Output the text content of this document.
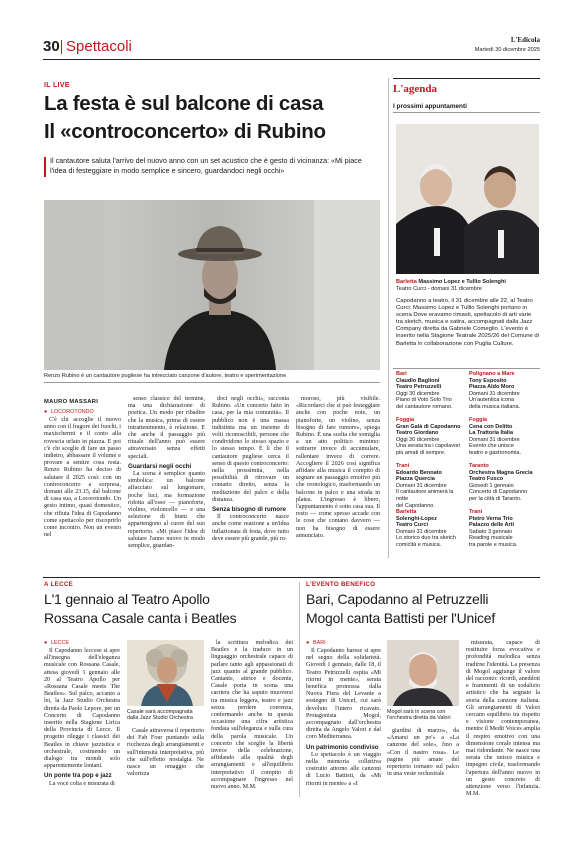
30 Spettacoli	L'Edicola
Martedì 30 dicembre 2025
IL LIVE
La festa è sul balcone di casa
Il «controconcerto» di Rubino
Il cantautore saluta l'arrivo del nuovo anno con un set acustico che è gesto di vicinanza: «Mi piace l'idea di festeggiare in modo semplice e sincero, guardandoci negli occhi»
Renzo Rubino è un cantautore pugliese ha intrecciato canzone d'autore, teatro e sperimentazione
MAURO MASSARI
● LOCOROTONDO

C'è chi accoglie il nuovo anno con il fragore dei fuochi, i maxischermi e il conto alla rovescia urlato in piazza. E poi c'è chi sceglie di fare un passo indietro, abbassare il volume e provare a sentire cosa resta. Renzo Rubino ha deciso di salutare il 2025 così: con un controconcerto a sorpresa, domani alle 23.15, dal balcone di casa sua, a Locorotondo. Un gesto intimo, quasi domestico, che rifiuta l'idea di Capodanno come spettacolo per riscoprirlo come incontro. Non un evento nel

senso classico del termine, ma una dichiarazione di poetica. Un modo per ribadire che la musica, prima di essere intrattenimento, è relazione. E che anche il passaggio più rituale dell'anno può essere attraversato senza effetti speciali.

Guardarsi negli occhi

La scena è semplice quanto simbolica: un balcone affacciato sul lungomare, poche luci, ma formazione ridotta all'osso — pianoforte, violino, violoncello — e una selezione di brani che appartengono al cuore del suo repertorio. «Mi piace l'idea di salutare l'anno nuovo in modo semplice, guardan-

doci negli occhi», racconta Rubino. «Un concerto fatto in casa, per la mia comunità». Il pubblico non è una massa indistinta ma un insieme di volti riconoscibili, persone che condividono lo stesso spazio e lo stesso tempo. È lì che il cantautore pugliese cerca il senso di questo controconcerto: nella prossimità, nella possibilità di ritrovare un contatto diretto, senza la mediazione del palco e della distanza.

Senza bisogno di rumore

Il controconcerto nasce anche come reazione a un'idea inflazionata di festa, dove tutto deve essere più grande, più ru-

moroso, più visibile. «Ricordarci che si può festeggiare anche con poche note, un pianoforte, un violino, senza bisogno di fare rumore», spiega Rubino. È una scelta che somiglia a un atto politico minimo: sottrarre invece di accumulare, rallentare invece di correre. Accogliere il 2026 così significa affidare alla musica il compito di segnare un passaggio emotivo più che cronologico, trasformando un balcone in palco e una strada in platea. L'ingresso è libero, l'appuntamento è sotto casa sua. Il resto — come spesso accade con le cose che contano davvero — non ha bisogno di essere annunciato.

L'agenda
I prossimi appuntamenti
Barletta Massimo Lopez e Tullio Solenghi
Teatro Curci - domani 31 dicembre
Capodanno a teatro, il 31 dicembre alle 22, al Teatro Curci: Massimo Lopez e Tullio Solenghi portano in scena Dove eravamo rimasti, spettacolo di arti varie tra sketch, musica e satira, accompagnati dalla Jazz Company diretta da Gabriele Comeglio. L'evento è inserito nella Stagione Teatrale 2025/26 del Comune di Barletta in collaborazione con Puglia Culture.
Bari
Claudio Baglioni
Teatro Petruzzelli
Oggi 30 dicembre
Piano di Voto Solo Trio
del cantautore romano.
Polignano a Mare
Tony Esposito
Piazza Aldo Moro
Domani 31 dicembre
Un'autentica icona
della musica italiana.
Foggia
Gran Galà di Capodanno
Teatro Giordano
Oggi 30 dicembre
Una serata tra i capolavori
più amati di sempre.
Foggia
Cena con Delitto
La Trattoria Italia
Domani 31 dicembre
Evento che unisce
teatro e gastronomia.
Trani
Edoardo Bennato
Piazza Quercia
Domani 31 dicembre
Il cantautore animerà la notte
del Capodanno.
Taranto
Orchestra Magna Grecia
Teatro Fusco
Giovedì 1 gennaio
Concerto di Capodanno
per la città di Taranto.
Barletta
Solenghi-Lopez
Teatro Curci
Domani 31 dicembre
Lo storico duo tra sketch
comicità e musica.
Trani
Pietro Verna Trio
Palazzo delle Arti
Sabato 3 gennaio
Reading musicale
tra parole e musica.
A LECCE
L'1 gennaio al Teatro Apollo
Rossana Casale canta i Beatles
● LECCE

Il Capodanno leccese si apre all'insegna dell'eleganza musicale con Rossana Casale, attesa giovedì 1 gennaio alle 20 al Teatro Apollo per «Rossana Casale meets The Beatles». Sul palco, accanto a lei, la Jazz Studio Orchestra diretta da Paolo Lepore, per un Concerto di Capodanno inserito nella Stagione Lirica della Provincia di Lecce. Il progetto rilegge i classici dei Beatles in chiave jazzistica e orchestrale, costruendo un dialogo tra mondi solo apparentemente lontani.

Un ponte tra pop e jazz

La voce colta e misurata di

Casale sarà accompagnata dalla Jazz Studio Orchestra

Casale attraversa il repertorio dei Fab Four puntando sulla ricchezza degli arrangiamenti e sull'intensità interpretativa, più che sull'effetto nostalgia. Ne nasce un omaggio che valorizza

la scrittura melodica dei Beatles e la traduce in un linguaggio orchestrale capace di parlare tanto agli appassionati di jazz quanto al grande pubblico. Cantante, attrice e docente, Casale porta in scena una carriera che ha saputo muoversi tra musica leggera, teatro e jazz senza perdere coerenza, confermando anche in questa occasione una cifra artistica fondata sull'eleganza e sulla cura della parola musicale. Un concerto che sceglie la libertà invece della celebrazione, affidando alla qualità degli arrangiamenti e all'equilibrio interpretativo il compito di accompagnare l'ingresso nel nuovo anno. M.M.

L'EVENTO BENEFICO
Bari, Capodanno al Petruzzelli
Mogol canta Battisti per l'Unicef
● BARI

Il Capodanno barese si apre nel segno della solidarietà. Giovedì 1 gennaio, dalle 18, il Teatro Petruzzelli ospita «Mi ritorni in mente», serata benefica promossa dalla Nuova Fiera del Levante a sostegno di Unicef, cui sarà devoluto l'intero ricavato. Protagonista Mogol, accompagnato dall'orchestra diretta da Angelo Valori e dal coro Mediterranea.

Un patrimonio condiviso

Lo spettacolo è un viaggio nella memoria collettiva costruito attorno alle canzoni di Lucio Battisti, da «Mi ritorni in mente» a «I

Mogol sarà in scena con l'orchestra diretta da Valori

giardini di marzo», da «Amarsi un po'» a «La canzone del sole», fino a «Con il nastro rosa». Le pagine più amate del repertorio tornano sul palco in una veste orchestrale

misurata, capace di restituire forza evocativa e profondità melodica senza tradirne l'identità. La presenza di Mogol aggiunge il valore del racconto: ricordi, aneddoti e frammenti di un sodalizio artistico che ha segnato la storia della canzone italiana. Gli arrangiamenti di Valori cercano equilibrio tra rispetto e visione contemporanea, mentre il Medit Voices amplia il respiro emotivo con una dimensione corale intensa ma mai ridondante. Ne nasce una serata che unisce musica e impegno civile, trasformando l'apertura dell'anno nuovo in un gesto concreto di attenzione verso l'infanzia. M.M.
